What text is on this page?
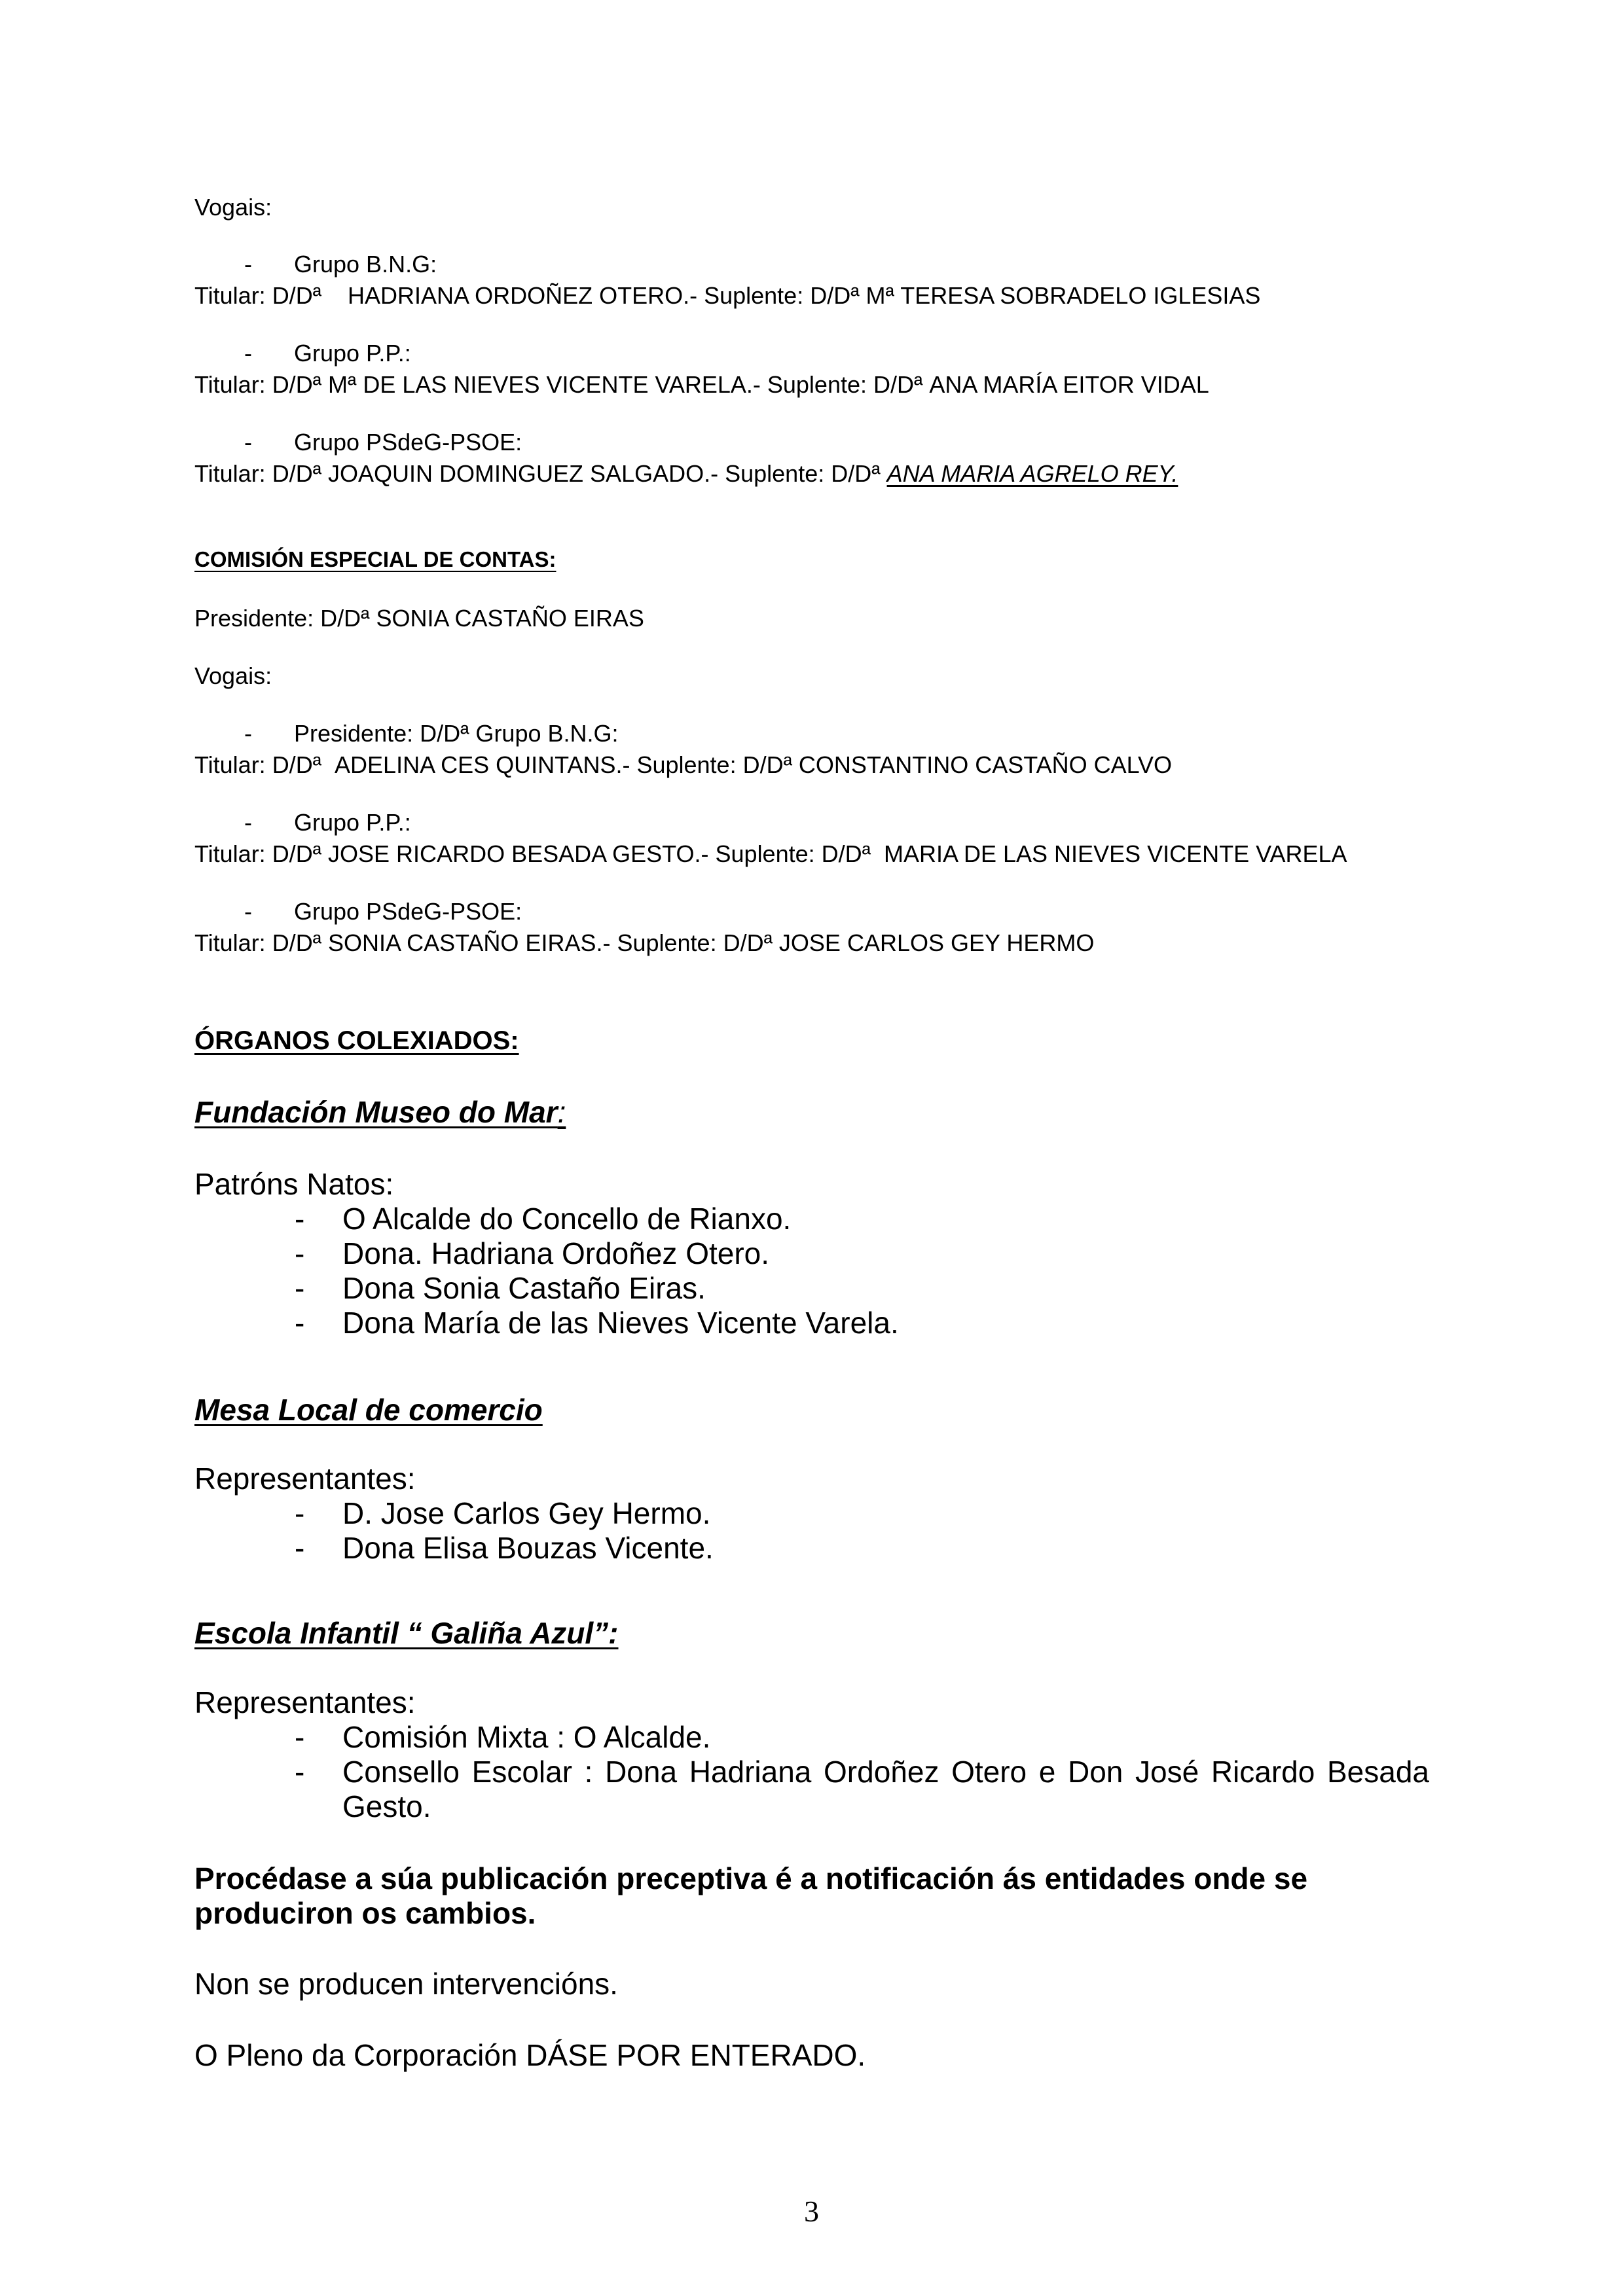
Vogais:
- Grupo B.N.G:
Titular: D/Dª HADRIANA ORDOÑEZ OTERO.- Suplente: D/Dª Mª TERESA SOBRADELO IGLESIAS
- Grupo P.P.:
Titular: D/Dª Mª DE LAS NIEVES VICENTE VARELA.- Suplente: D/Dª ANA MARÍA EITOR VIDAL
- Grupo PSdeG-PSOE:
Titular: D/Dª JOAQUIN DOMINGUEZ SALGADO.- Suplente: D/Dª ANA MARIA AGRELO REY.
COMISIÓN ESPECIAL DE CONTAS:
Presidente: D/Dª SONIA CASTAÑO EIRAS
Vogais:
- Presidente: D/Dª Grupo B.N.G:
Titular: D/Dª ADELINA CES QUINTANS.- Suplente: D/Dª CONSTANTINO CASTAÑO CALVO
- Grupo P.P.:
Titular: D/Dª JOSE RICARDO BESADA GESTO.- Suplente: D/Dª MARIA DE LAS NIEVES VICENTE VARELA
- Grupo PSdeG-PSOE:
Titular: D/Dª SONIA CASTAÑO EIRAS.- Suplente: D/Dª JOSE CARLOS GEY HERMO
ÓRGANOS COLEXIADOS:
Fundación Museo do Mar:
Patróns Natos:
- O Alcalde do Concello de Rianxo.
- Dona. Hadriana Ordoñez Otero.
- Dona Sonia Castaño Eiras.
- Dona María de las Nieves Vicente Varela.
Mesa Local de comercio
Representantes:
- D. Jose Carlos Gey Hermo.
- Dona Elisa Bouzas Vicente.
Escola Infantil “ Galiña Azul”:
Representantes:
- Comisión Mixta : O Alcalde.
- Consello Escolar : Dona Hadriana Ordoñez Otero e Don José Ricardo Besada
Gesto.
Procédase a súa publicación preceptiva é a notificación ás entidades onde se
produciron os cambios.
Non se producen intervencións.
O Pleno da Corporación DÁSE POR ENTERADO.
3
